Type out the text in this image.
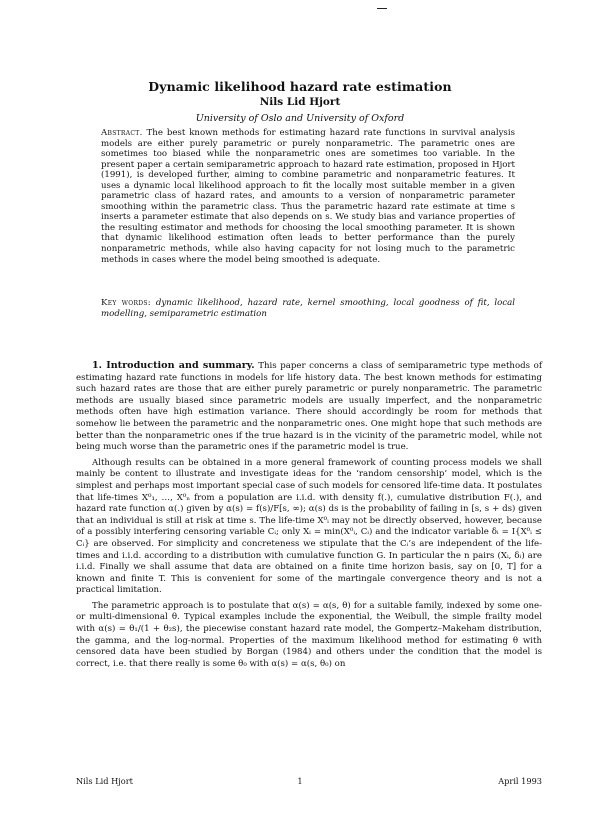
Dynamic likelihood hazard rate estimation
Nils Lid Hjort
University of Oslo and University of Oxford
Abstract. The best known methods for estimating hazard rate functions in survival analysis models are either purely parametric or purely nonparametric. The parametric ones are sometimes too biased while the nonparametric ones are sometimes too variable. In the present paper a certain semiparametric approach to hazard rate estimation, proposed in Hjort (1991), is developed further, aiming to combine parametric and nonparametric features. It uses a dynamic local likelihood approach to fit the locally most suitable member in a given parametric class of hazard rates, and amounts to a version of nonparametric parameter smoothing within the parametric class. Thus the parametric hazard rate estimate at time s inserts a parameter estimate that also depends on s. We study bias and variance properties of the resulting estimator and methods for choosing the local smoothing parameter. It is shown that dynamic likelihood estimation often leads to better performance than the purely nonparametric methods, while also having capacity for not losing much to the parametric methods in cases where the model being smoothed is adequate.
Key words: dynamic likelihood, hazard rate, kernel smoothing, local goodness of fit, local modelling, semiparametric estimation

1. Introduction and summary. This paper concerns a class of semiparametric type methods of estimating hazard rate functions in models for life history data. The best known methods for estimating such hazard rates are those that are either purely parametric or purely nonparametric. The parametric methods are usually biased since parametric models are usually imperfect, and the nonparametric methods often have high estimation variance. There should accordingly be room for methods that somehow lie between the parametric and the nonparametric ones. One might hope that such methods are better than the nonparametric ones if the true hazard is in the vicinity of the parametric model, while not being much worse than the parametric ones if the parametric model is true.

Although results can be obtained in a more general framework of counting process models we shall mainly be content to illustrate and investigate ideas for the ‘random censorship’ model, which is the simplest and perhaps most important special case of such models for censored life-time data. It postulates that life-times X⁰₁, …, X⁰ₙ from a population are i.i.d. with density f(.), cumulative distribution F(.), and hazard rate function α(.) given by α(s) = f(s)/F[s, ∞); α(s) ds is the probability of failing in [s, s + ds) given that an individual is still at risk at time s. The life-time X⁰ᵢ may not be directly observed, however, because of a possibly interfering censoring variable Cᵢ; only Xᵢ = min(X⁰ᵢ, Cᵢ) and the indicator variable δᵢ = I{X⁰ᵢ ≤ Cᵢ} are observed. For simplicity and concreteness we stipulate that the Cᵢ’s are independent of the life-times and i.i.d. according to a distribution with cumulative function G. In particular the n pairs (Xᵢ, δᵢ) are i.i.d. Finally we shall assume that data are obtained on a finite time horizon basis, say on [0, T] for a known and finite T. This is convenient for some of the martingale convergence theory and is not a practical limitation.

The parametric approach is to postulate that α(s) = α(s, θ) for a suitable family, indexed by some one- or multi-dimensional θ. Typical examples include the exponential, the Weibull, the simple frailty model with α(s) = θ₁/(1 + θ₂s), the piecewise constant hazard rate model, the Gompertz–Makeham distribution, the gamma, and the log-normal. Properties of the maximum likelihood method for estimating θ with censored data have been studied by Borgan (1984) and others under the condition that the model is correct, i.e. that there really is some θ₀ with α(s) = α(s, θ₀) on

Nils Lid Hjort	1	April 1993
